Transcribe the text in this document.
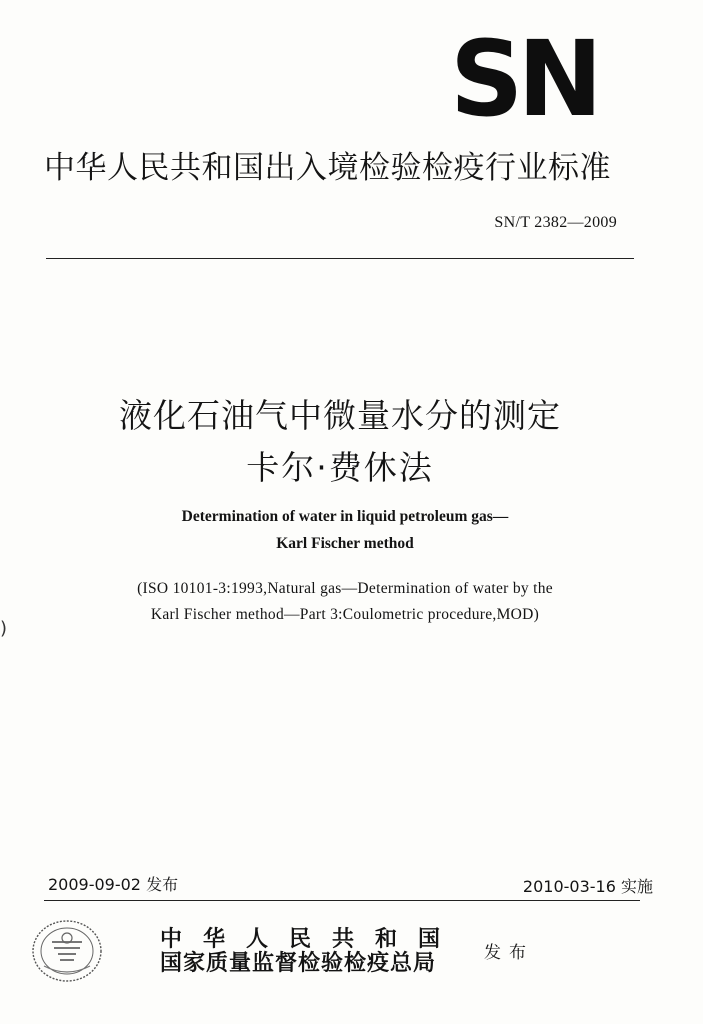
SN
中华人民共和国出入境检验检疫行业标准
SN/T 2382—2009
液化石油气中微量水分的测定
卡尔·费休法
Determination of water in liquid petroleum gas—
Karl Fischer method
(ISO 10101-3:1993,Natural gas—Determination of water by the
Karl Fischer method—Part 3:Coulometric procedure,MOD)
)
2009-09-02 发布	2010-03-16 实施
中华人民共和国
国家质量监督检验检疫总局	发布
